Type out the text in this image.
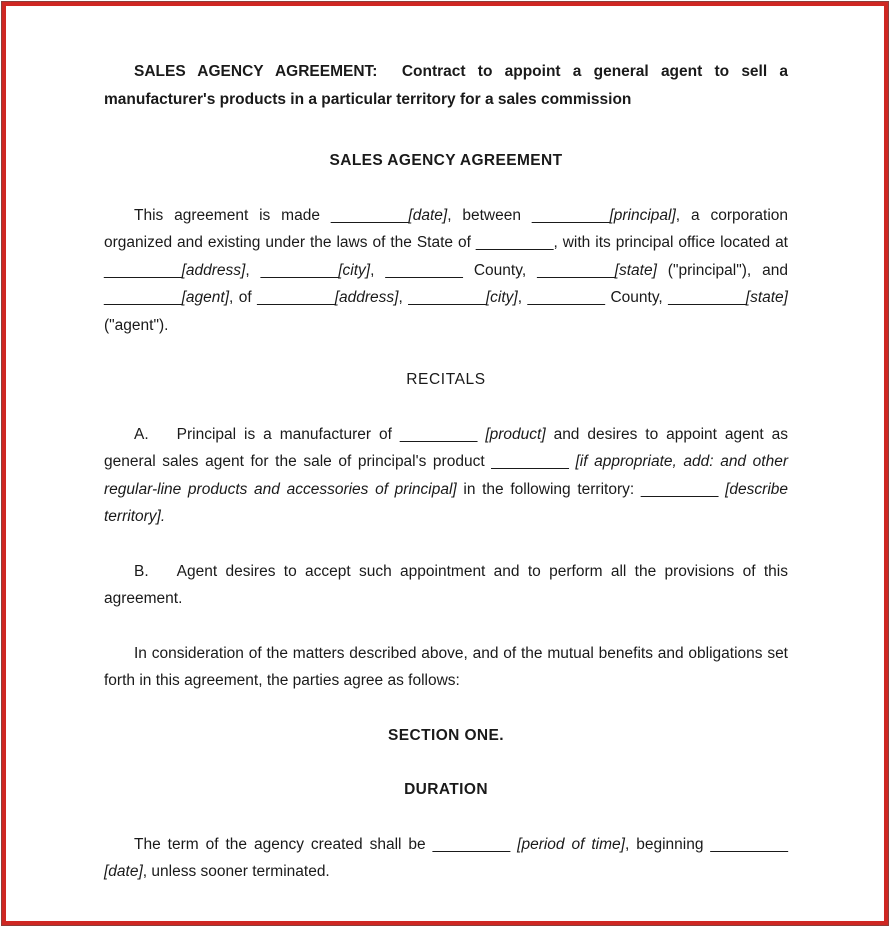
SALES AGENCY AGREEMENT:  Contract to appoint a general agent to sell a manufacturer's products in a particular territory for a sales commission

SALES AGENCY AGREEMENT

This agreement is made _________[date], between _________[principal], a corporation organized and existing under the laws of the State of _________, with its principal office located at _________[address], _________[city], _________ County, _________[state] ("principal"), and _________[agent], of _________[address], _________[city], _________ County, _________[state] ("agent").

RECITALS

A. Principal is a manufacturer of _________ [product] and desires to appoint agent as general sales agent for the sale of principal's product _________ [if appropriate, add: and other regular-line products and accessories of principal] in the following territory: _________ [describe territory].

B. Agent desires to accept such appointment and to perform all the provisions of this agreement.

In consideration of the matters described above, and of the mutual benefits and obligations set forth in this agreement, the parties agree as follows:

SECTION ONE.
DURATION

The term of the agency created shall be _________ [period of time], beginning _________ [date], unless sooner terminated.
